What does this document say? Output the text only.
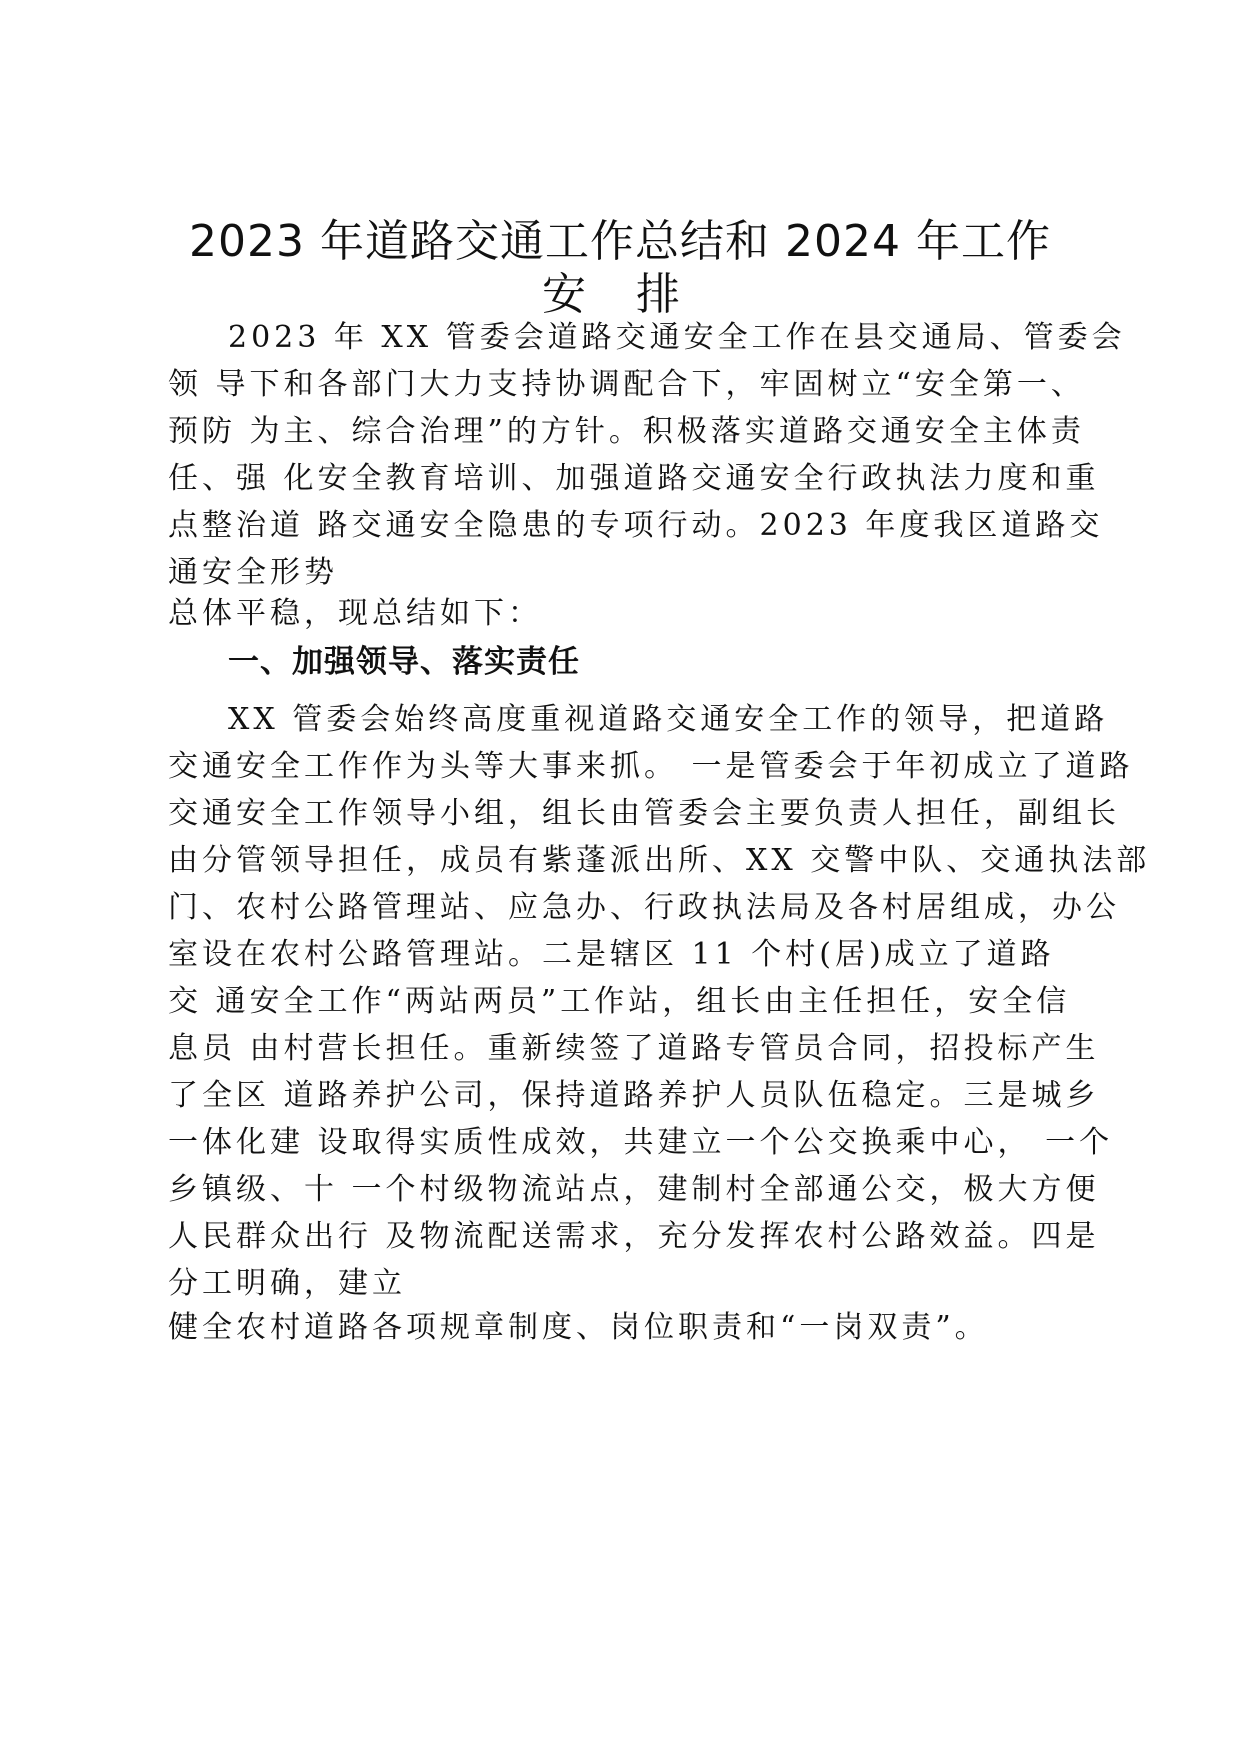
2023 年道路交通工作总结和 2024 年工作
安 排
2023 年 XX 管委会道路交通安全工作在县交通局、管委会
领 导下和各部门大力支持协调配合下，牢固树立“安全第一、
预防 为主、综合治理”的方针。积极落实道路交通安全主体责
任、强 化安全教育培训、加强道路交通安全行政执法力度和重
点整治道 路交通安全隐患的专项行动。2023 年度我区道路交
通安全形势
总体平稳，现总结如下：
一、加强领导、落实责任
XX 管委会始终高度重视道路交通安全工作的领导，把道路
交通安全工作作为头等大事来抓。 一是管委会于年初成立了道路
交通安全工作领导小组，组长由管委会主要负责人担任，副组长
由分管领导担任，成员有紫蓬派出所、XX 交警中队、交通执法部
门、农村公路管理站、应急办、行政执法局及各村居组成，办公
室设在农村公路管理站。二是辖区 11 个村(居)成立了道路
交 通安全工作“两站两员”工作站，组长由主任担任，安全信
息员 由村营长担任。重新续签了道路专管员合同，招投标产生
了全区 道路养护公司，保持道路养护人员队伍稳定。三是城乡
一体化建 设取得实质性成效，共建立一个公交换乘中心， 一个
乡镇级、十 一个村级物流站点，建制村全部通公交，极大方便
人民群众出行 及物流配送需求，充分发挥农村公路效益。四是
分工明确，建立
健全农村道路各项规章制度、岗位职责和“一岗双责”。
